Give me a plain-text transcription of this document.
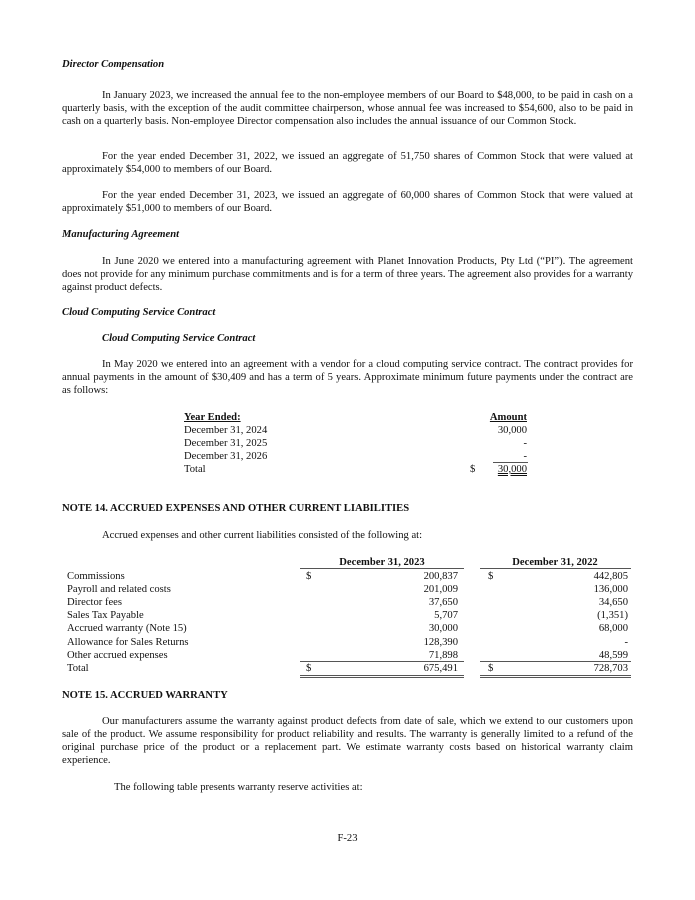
Director Compensation

In January 2023, we increased the annual fee to the non-employee members of our Board to $48,000, to be paid in cash on a quarterly basis, with the exception of the audit committee chairperson, whose annual fee was increased to $54,600, also to be paid in cash on a quarterly basis. Non-employee Director compensation also includes the annual issuance of our Common Stock.

For the year ended December 31, 2022, we issued an aggregate of 51,750 shares of Common Stock that were valued at approximately $54,000 to members of our Board.

For the year ended December 31, 2023, we issued an aggregate of 60,000 shares of Common Stock that were valued at approximately $51,000 to members of our Board.

Manufacturing Agreement

In June 2020 we entered into a manufacturing agreement with Planet Innovation Products, Pty Ltd (“PI”). The agreement does not provide for any minimum purchase commitments and is for a term of three years. The agreement also provides for a warranty against product defects.

Cloud Computing Service Contract
Cloud Computing Service Contract

In May 2020 we entered into an agreement with a vendor for a cloud computing service contract. The contract provides for annual payments in the amount of $30,409 and has a term of 5 years. Approximate minimum future payments under the contract are as follows:

Year Ended:	Amount
December 31, 2024	30,000
December 31, 2025	-
December 31, 2026	-
Total	$	30,000
NOTE 14. ACCRUED EXPENSES AND OTHER CURRENT LIABILITIES

Accrued expenses and other current liabilities consisted of the following at:

December 31, 2023	December 31, 2022
Commissions	$	200,837	$	442,805
Payroll and related costs	201,009	136,000
Director fees	37,650	34,650
Sales Tax Payable	5,707	(1,351)
Accrued warranty (Note 15)	30,000	68,000
Allowance for Sales Returns	128,390	-
Other accrued expenses	71,898	48,599
Total	$	675,491	$	728,703
NOTE 15. ACCRUED WARRANTY

Our manufacturers assume the warranty against product defects from date of sale, which we extend to our customers upon sale of the product. We assume responsibility for product reliability and results. The warranty is generally limited to a refund of the original purchase price of the product or a replacement part. We estimate warranty costs based on historical warranty claim experience.

The following table presents warranty reserve activities at:

F-23
